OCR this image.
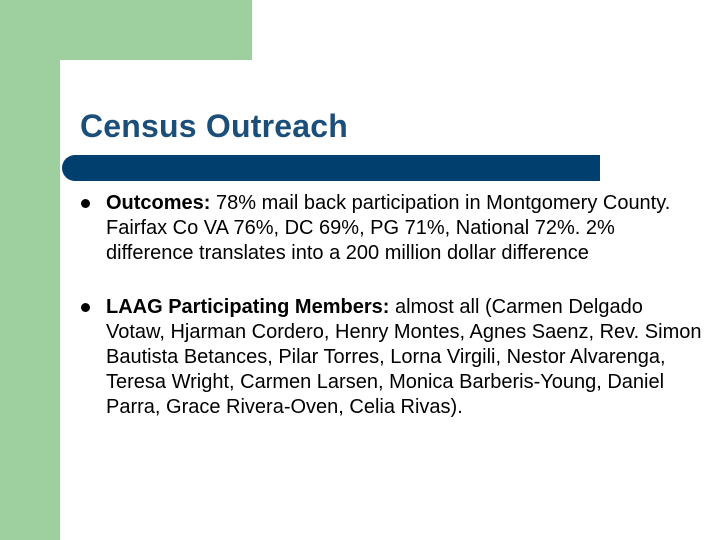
Census Outreach
Outcomes: 78% mail back participation in Montgomery County. Fairfax Co VA 76%, DC 69%, PG 71%, National 72%. 2% difference translates into a 200 million dollar difference
LAAG Participating Members: almost all (Carmen Delgado Votaw, Hjarman Cordero, Henry Montes, Agnes Saenz, Rev. Simon Bautista Betances, Pilar Torres, Lorna Virgili, Nestor Alvarenga, Teresa Wright, Carmen Larsen, Monica Barberis-Young, Daniel Parra, Grace Rivera-Oven, Celia Rivas).
